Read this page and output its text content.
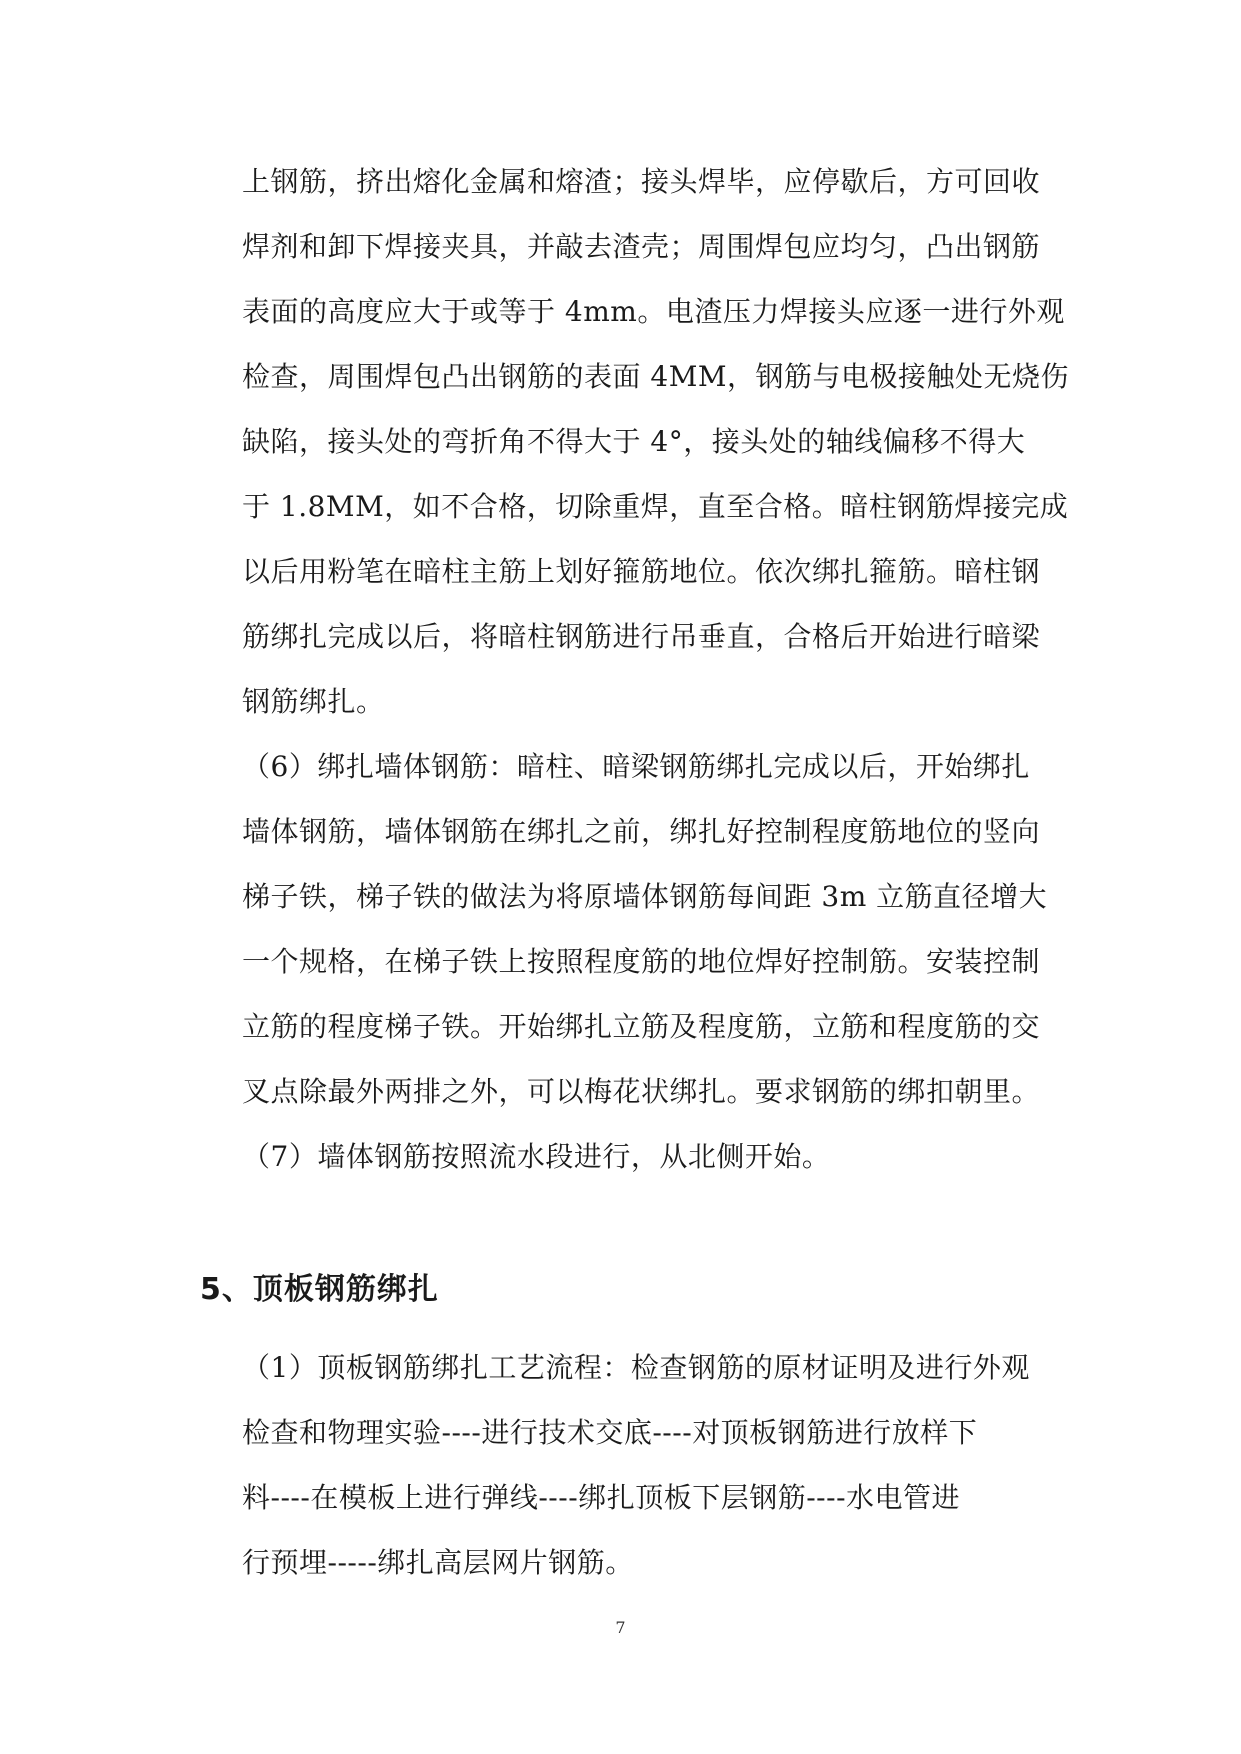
上钢筋，挤出熔化金属和熔渣；接头焊毕，应停歇后，方可回收
焊剂和卸下焊接夹具，并敲去渣壳；周围焊包应均匀，凸出钢筋
表面的高度应大于或等于 4mm。电渣压力焊接头应逐一进行外观
检查，周围焊包凸出钢筋的表面 4MM，钢筋与电极接触处无烧伤
缺陷，接头处的弯折角不得大于 4°，接头处的轴线偏移不得大
于 1.8MM，如不合格，切除重焊，直至合格。暗柱钢筋焊接完成
以后用粉笔在暗柱主筋上划好箍筋地位。依次绑扎箍筋。暗柱钢
筋绑扎完成以后，将暗柱钢筋进行吊垂直，合格后开始进行暗梁
钢筋绑扎。
（6）绑扎墙体钢筋：暗柱、暗梁钢筋绑扎完成以后，开始绑扎
墙体钢筋，墙体钢筋在绑扎之前，绑扎好控制程度筋地位的竖向
梯子铁，梯子铁的做法为将原墙体钢筋每间距 3m 立筋直径增大
一个规格，在梯子铁上按照程度筋的地位焊好控制筋。安装控制
立筋的程度梯子铁。开始绑扎立筋及程度筋，立筋和程度筋的交
叉点除最外两排之外，可以梅花状绑扎。要求钢筋的绑扣朝里。
（7）墙体钢筋按照流水段进行，从北侧开始。
5、顶板钢筋绑扎
（1）顶板钢筋绑扎工艺流程：检查钢筋的原材证明及进行外观
检查和物理实验----进行技术交底----对顶板钢筋进行放样下
料----在模板上进行弹线----绑扎顶板下层钢筋----水电管进
行预埋-----绑扎高层网片钢筋。
7
